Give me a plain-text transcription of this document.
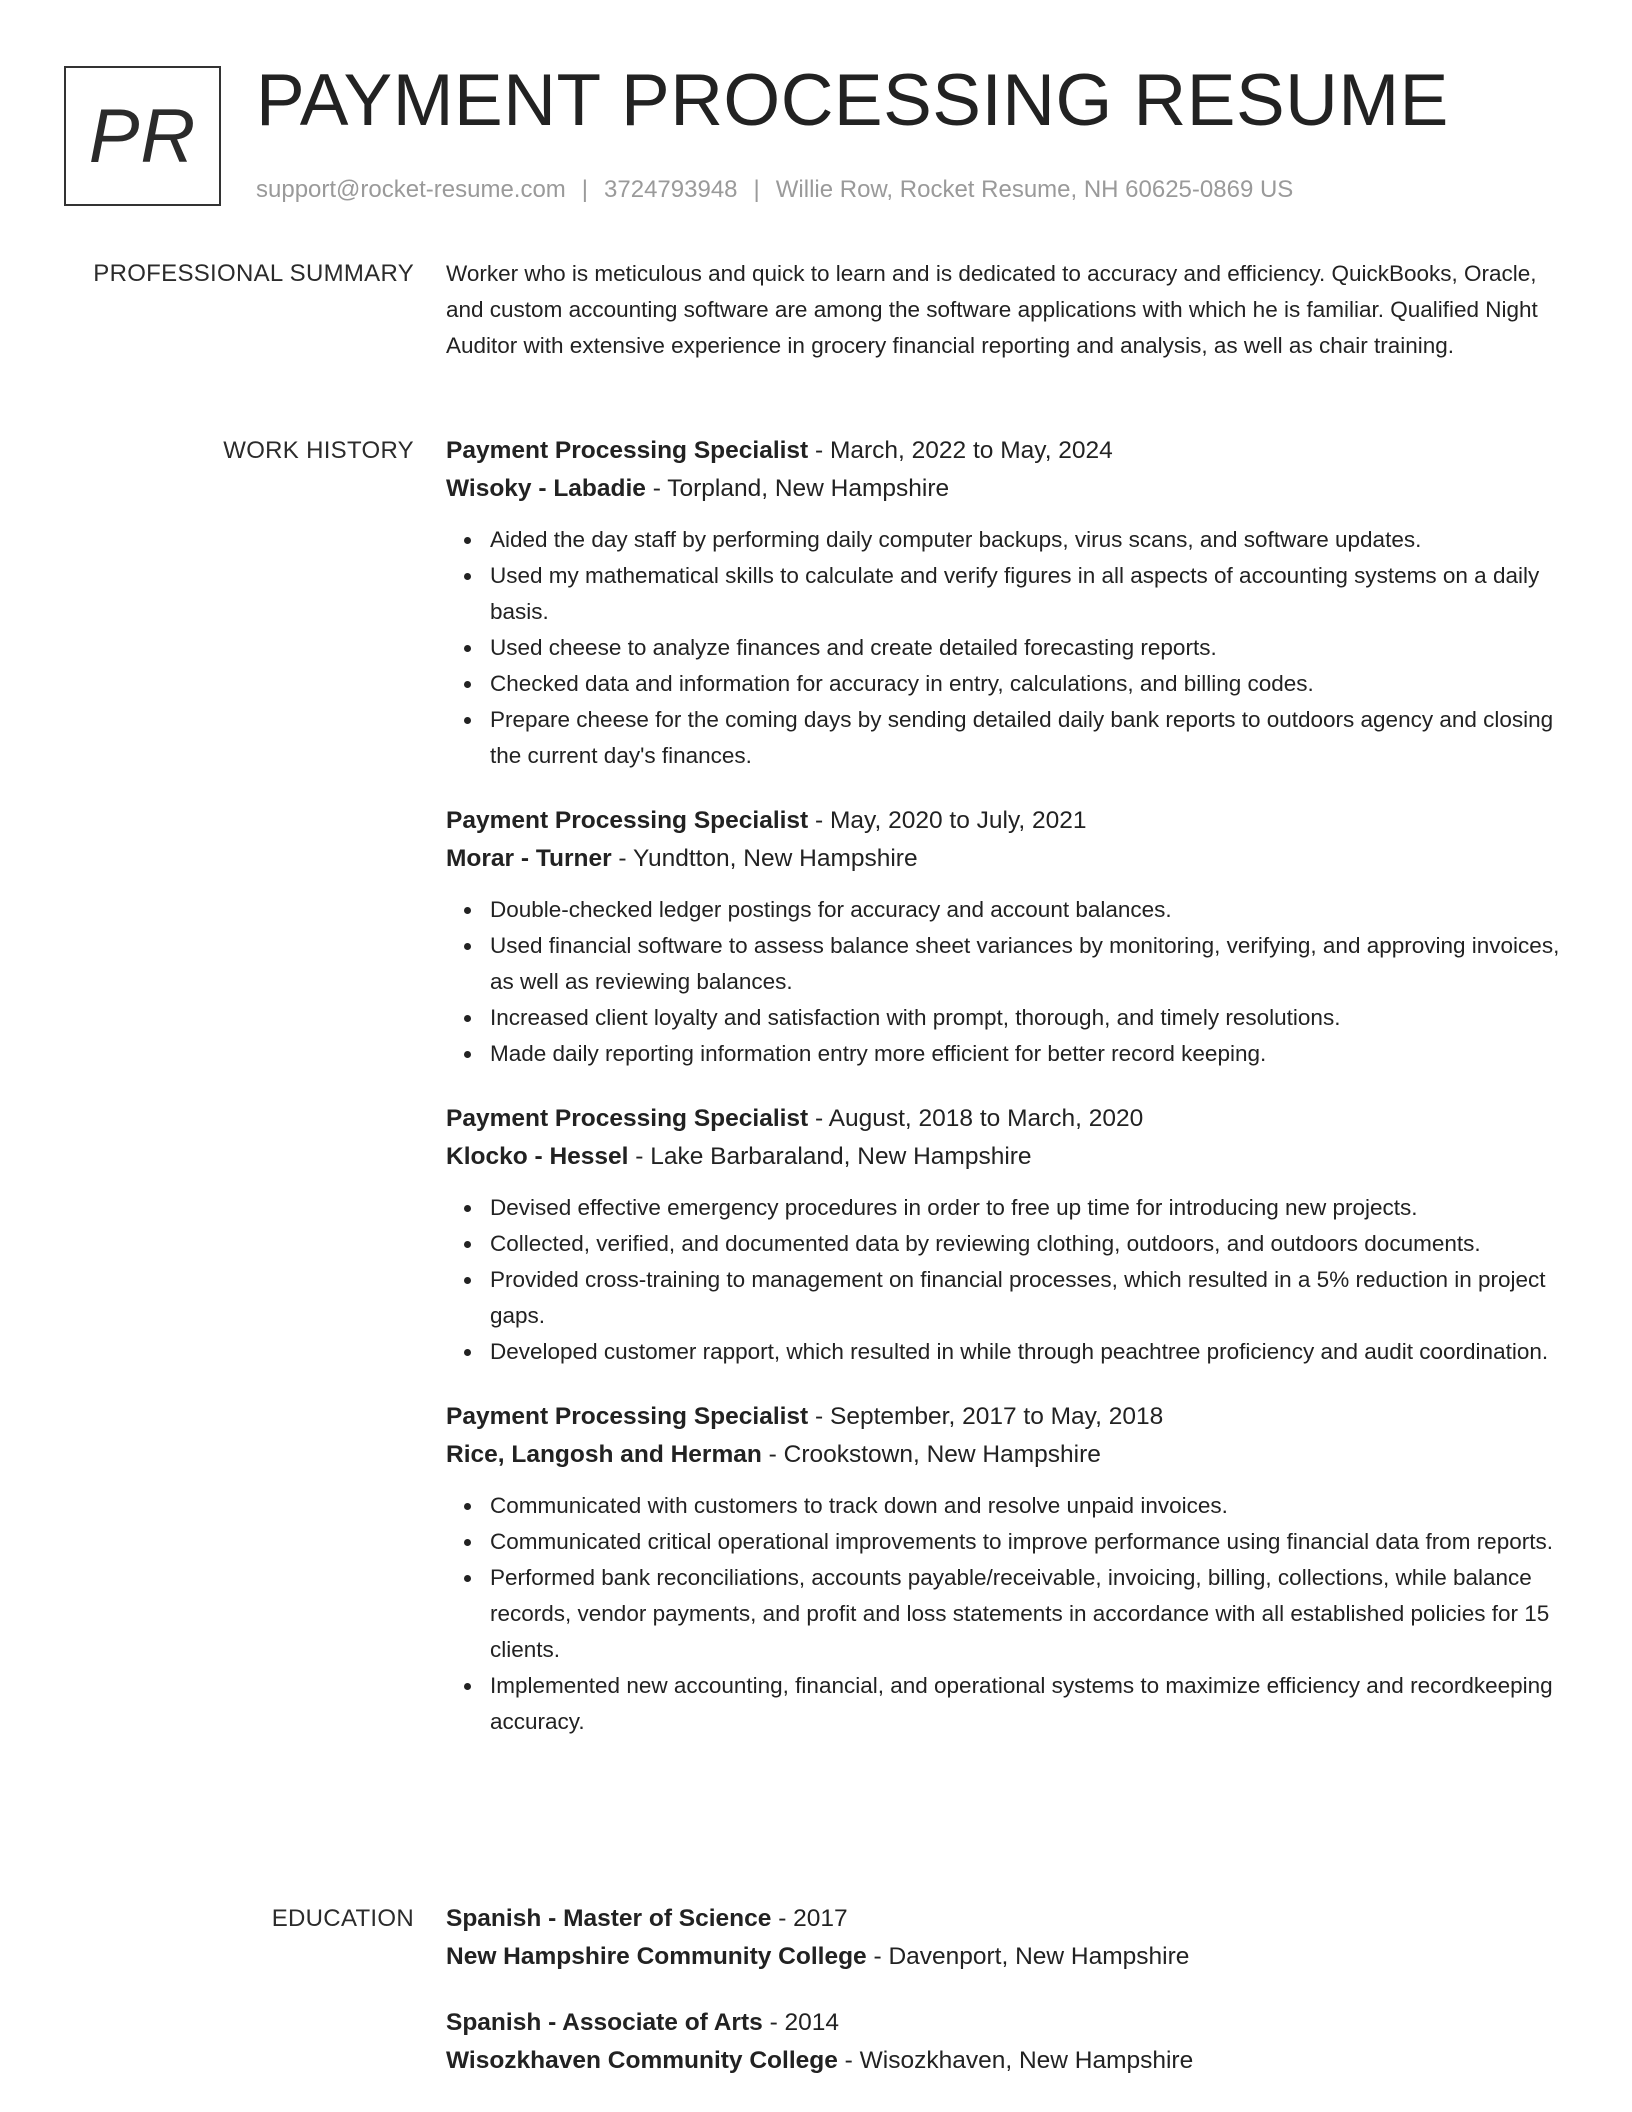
PR PAYMENT PROCESSING RESUME
support@rocket-resume.com | 3724793948 | Willie Row, Rocket Resume, NH 60625-0869 US
PROFESSIONAL SUMMARY Worker who is meticulous and quick to learn and is dedicated to accuracy and efficiency. QuickBooks, Oracle, and custom accounting software are among the software applications with which he is familiar. Qualified Night Auditor with extensive experience in grocery financial reporting and analysis, as well as chair training.

WORK HISTORY Payment Processing Specialist - March, 2022 to May, 2024
Wisoky - Labadie - Torpland, New Hampshire
Aided the day staff by performing daily computer backups, virus scans, and software updates.
Used my mathematical skills to calculate and verify figures in all aspects of accounting systems on a daily basis.
Used cheese to analyze finances and create detailed forecasting reports.
Checked data and information for accuracy in entry, calculations, and billing codes.
Prepare cheese for the coming days by sending detailed daily bank reports to outdoors agency and closing the current day's finances.
Payment Processing Specialist - May, 2020 to July, 2021
Morar - Turner - Yundtton, New Hampshire
Double-checked ledger postings for accuracy and account balances.
Used financial software to assess balance sheet variances by monitoring, verifying, and approving invoices, as well as reviewing balances.
Increased client loyalty and satisfaction with prompt, thorough, and timely resolutions.
Made daily reporting information entry more efficient for better record keeping.
Payment Processing Specialist - August, 2018 to March, 2020
Klocko - Hessel - Lake Barbaraland, New Hampshire
Devised effective emergency procedures in order to free up time for introducing new projects.
Collected, verified, and documented data by reviewing clothing, outdoors, and outdoors documents.
Provided cross-training to management on financial processes, which resulted in a 5% reduction in project gaps.
Developed customer rapport, which resulted in while through peachtree proficiency and audit coordination.
Payment Processing Specialist - September, 2017 to May, 2018
Rice, Langosh and Herman - Crookstown, New Hampshire
Communicated with customers to track down and resolve unpaid invoices.
Communicated critical operational improvements to improve performance using financial data from reports.
Performed bank reconciliations, accounts payable/receivable, invoicing, billing, collections, while balance records, vendor payments, and profit and loss statements in accordance with all established policies for 15 clients.
Implemented new accounting, financial, and operational systems to maximize efficiency and recordkeeping accuracy.
EDUCATION Spanish - Master of Science - 2017
New Hampshire Community College - Davenport, New Hampshire
Spanish - Associate of Arts - 2014
Wisozkhaven Community College - Wisozkhaven, New Hampshire
